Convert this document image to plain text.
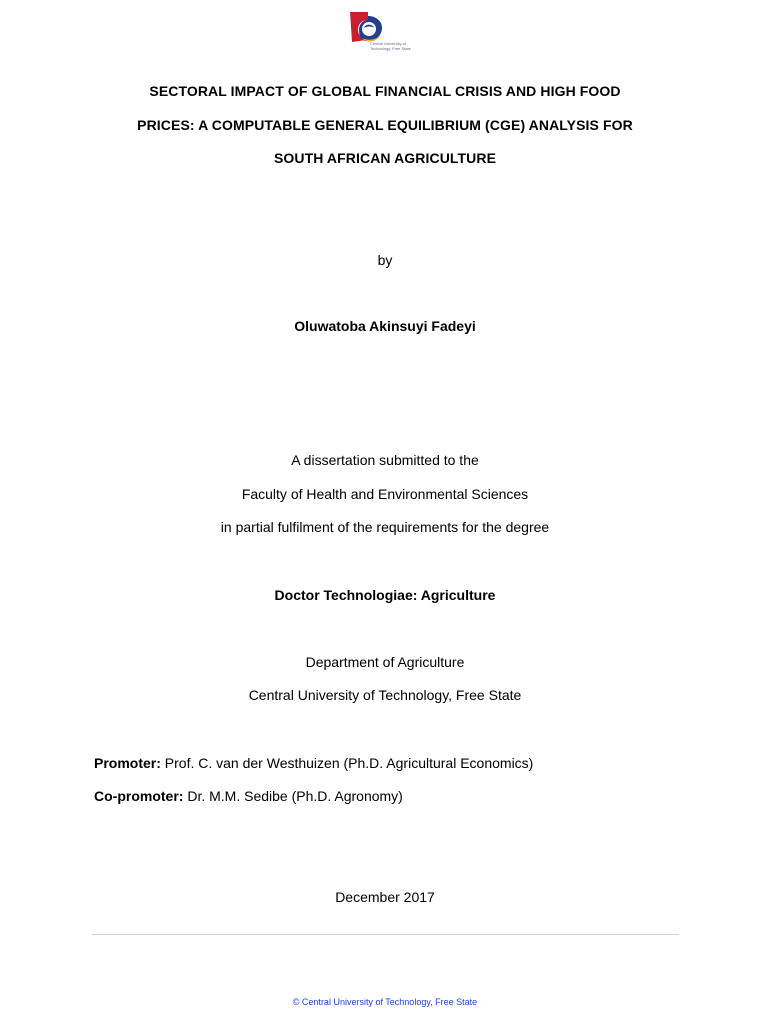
Central University of
Technology, Free State
SECTORAL IMPACT OF GLOBAL FINANCIAL CRISIS AND HIGH FOOD
PRICES: A COMPUTABLE GENERAL EQUILIBRIUM (CGE) ANALYSIS FOR
SOUTH AFRICAN AGRICULTURE
by
Oluwatoba Akinsuyi Fadeyi
A dissertation submitted to the
Faculty of Health and Environmental Sciences
in partial fulfilment of the requirements for the degree
Doctor Technologiae: Agriculture
Department of Agriculture
Central University of Technology, Free State
Promoter: Prof. C. van der Westhuizen (Ph.D. Agricultural Economics)
Co-promoter: Dr. M.M. Sedibe (Ph.D. Agronomy)
December 2017
© Central University of Technology, Free State
